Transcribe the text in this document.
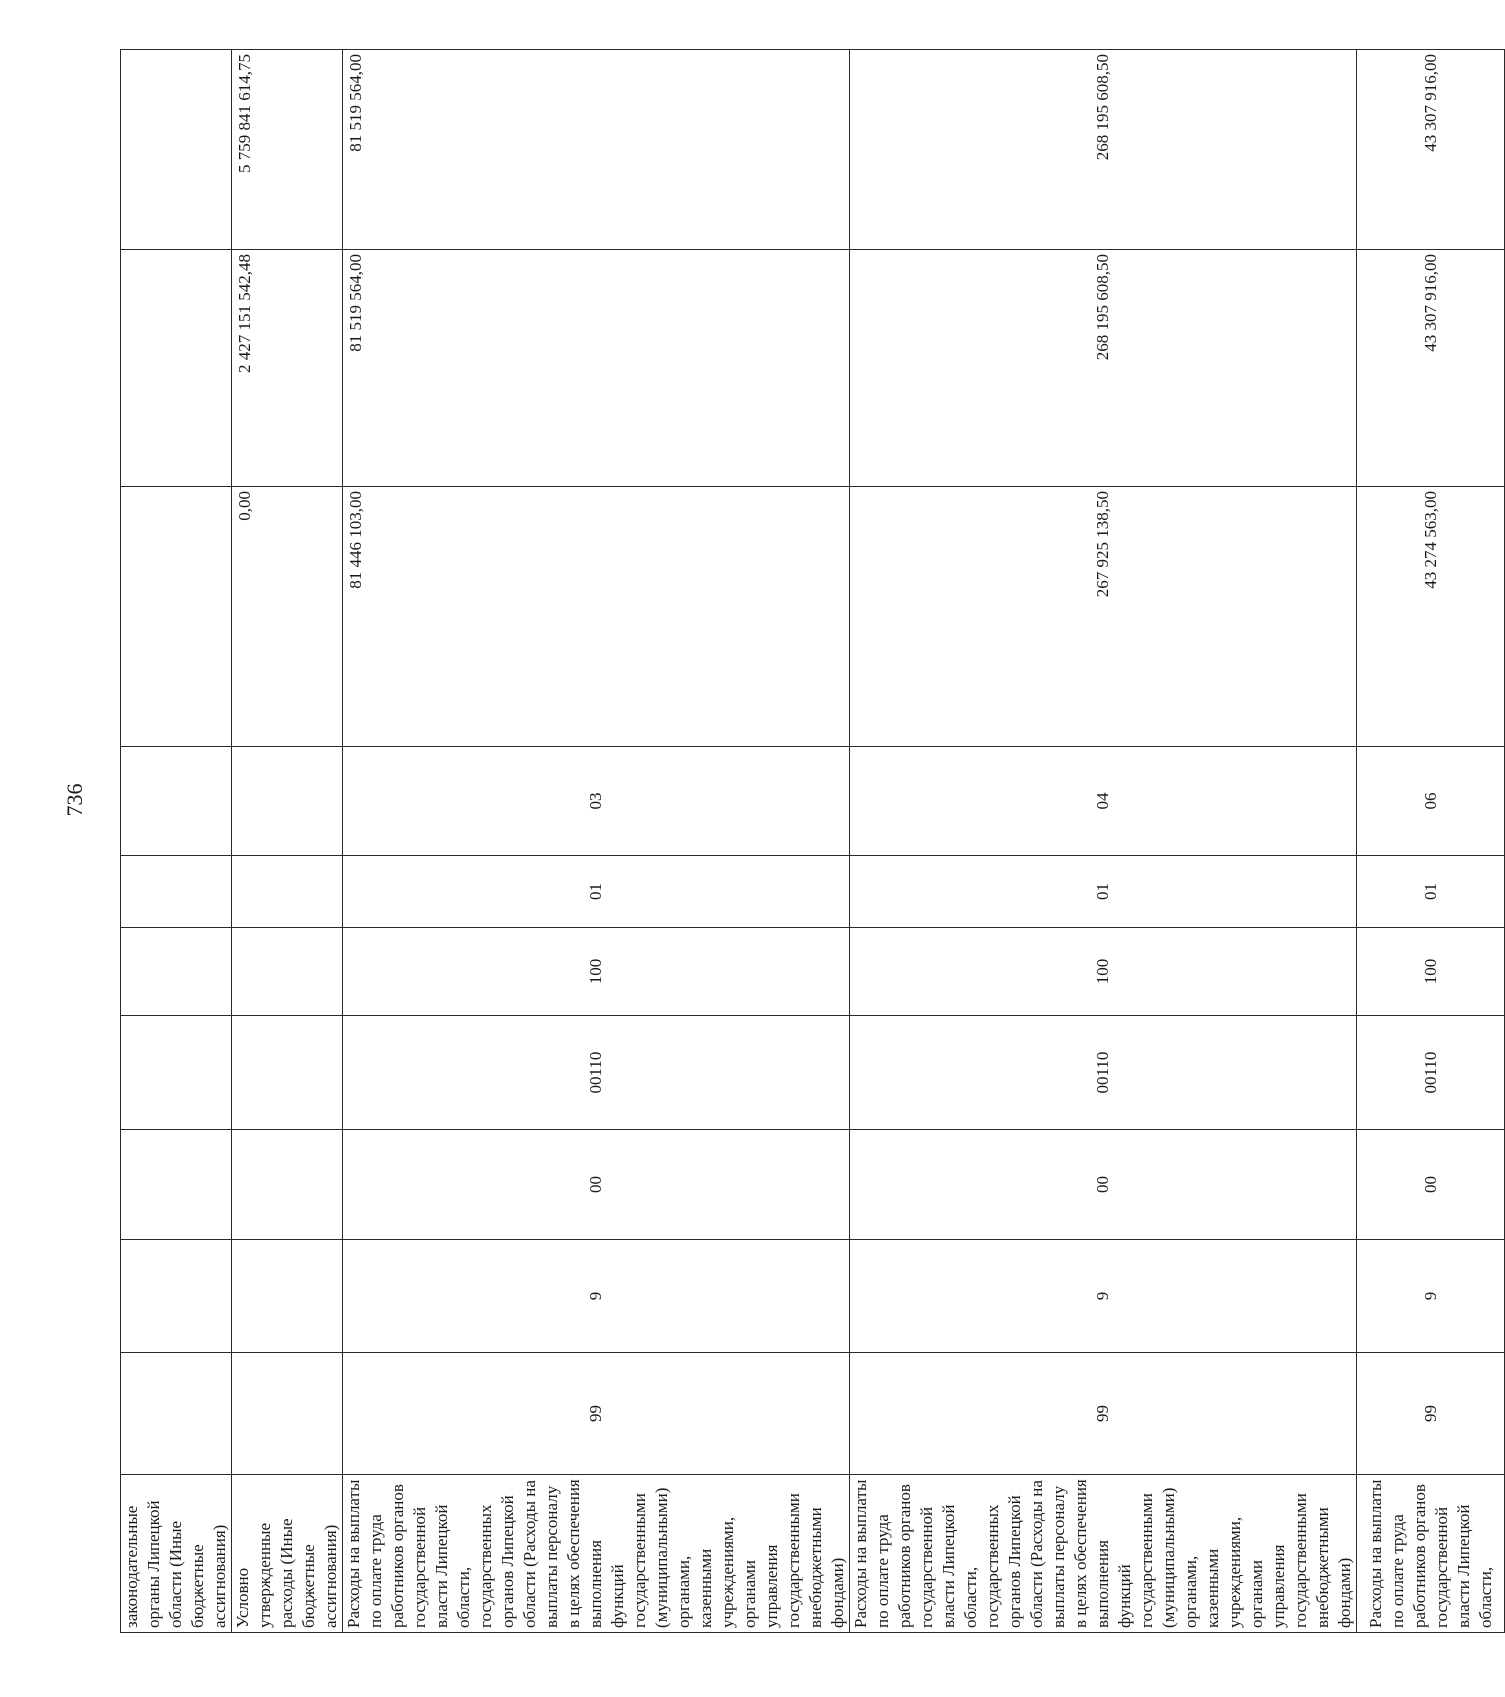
736
законодательные органы Липецкой области (Иные бюджетные ассигнования)										
Условно утвержденные расходы (Иные бюджетные ассигнования)								0,00	2 427 151 542,48	5 759 841 614,75
Расходы на выплаты по оплате труда работников органов государственной власти Липецкой области, государственных органов Липецкой области (Расходы на выплаты персоналу в целях обеспечения выполнения функций государственными (муниципальными) органами, казенными учреждениями, органами управления государственными внебюджетными фондами)	99	9	00	00110	100	01	03	81 446 103,00	81 519 564,00	81 519 564,00
Расходы на выплаты по оплате труда работников органов государственной власти Липецкой области, государственных органов Липецкой области (Расходы на выплаты персоналу в целях обеспечения выполнения функций государственными (муниципальными) органами, казенными учреждениями, органами управления государственными внебюджетными фондами)	99	9	00	00110	100	01	04	267 925 138,50	268 195 608,50	268 195 608,50
Расходы на выплаты по оплате труда работников органов государственной власти Липецкой области,	99	9	00	00110	100	01	06	43 274 563,00	43 307 916,00	43 307 916,00
